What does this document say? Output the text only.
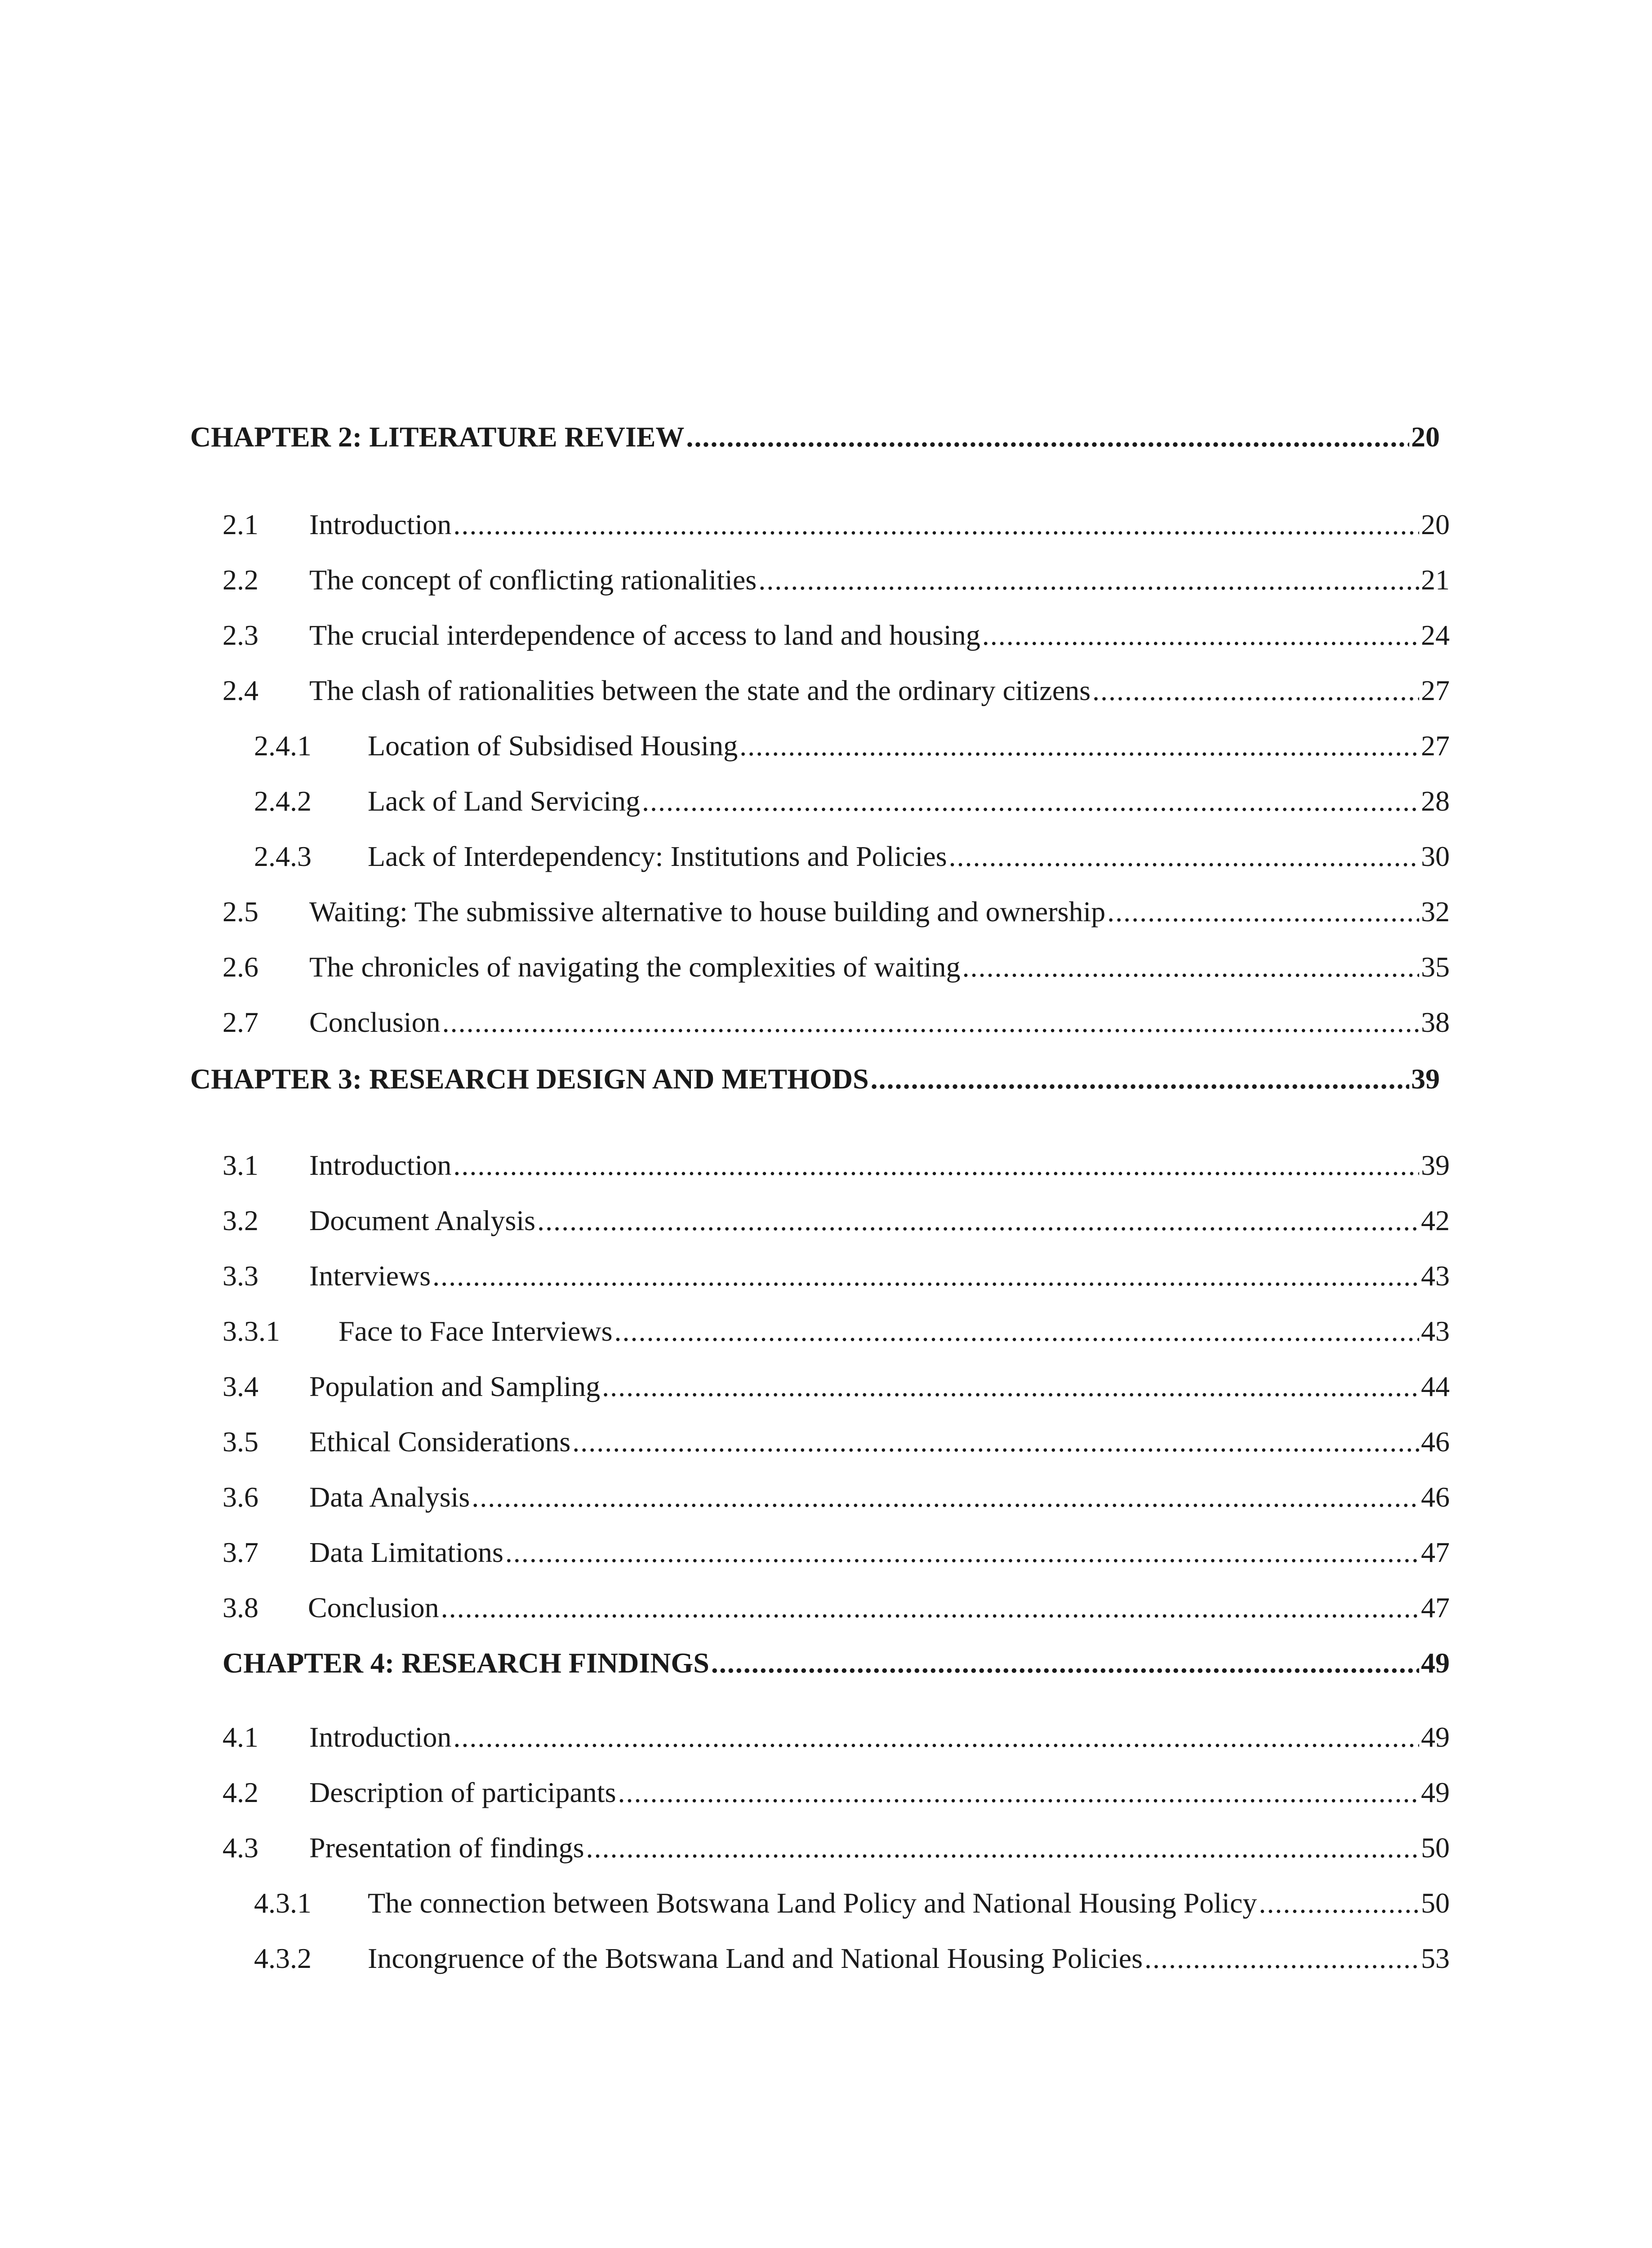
CHAPTER 2: LITERATURE REVIEW .....	20
2.1	Introduction .....	20
2.2	The concept of conflicting rationalities .....	21
2.3	The crucial interdependence of access to land and housing .....	24
2.4	The clash of rationalities between the state and the ordinary citizens .....	27
2.4.1	Location of Subsidised Housing .....	27
2.4.2	Lack of Land Servicing .....	28
2.4.3	Lack of Interdependency: Institutions and Policies .....	30
2.5	Waiting: The submissive alternative to house building and ownership .....	32
2.6	The chronicles of navigating the complexities of waiting .....	35
2.7	Conclusion .....	38
CHAPTER 3: RESEARCH DESIGN AND METHODS .....	39
3.1	Introduction .....	39
3.2	Document Analysis .....	42
3.3	Interviews .....	43
3.3.1	Face to Face Interviews .....	43
3.4	Population and Sampling .....	44
3.5	Ethical Considerations .....	46
3.6	Data Analysis .....	46
3.7	Data Limitations .....	47
3.8	Conclusion .....	47
CHAPTER 4: RESEARCH FINDINGS .....	49
4.1	Introduction .....	49
4.2	Description of participants .....	49
4.3	Presentation of findings .....	50
4.3.1	The connection between Botswana Land Policy and National Housing Policy .....	50
4.3.2	Incongruence of the Botswana Land and National Housing Policies .....	53
